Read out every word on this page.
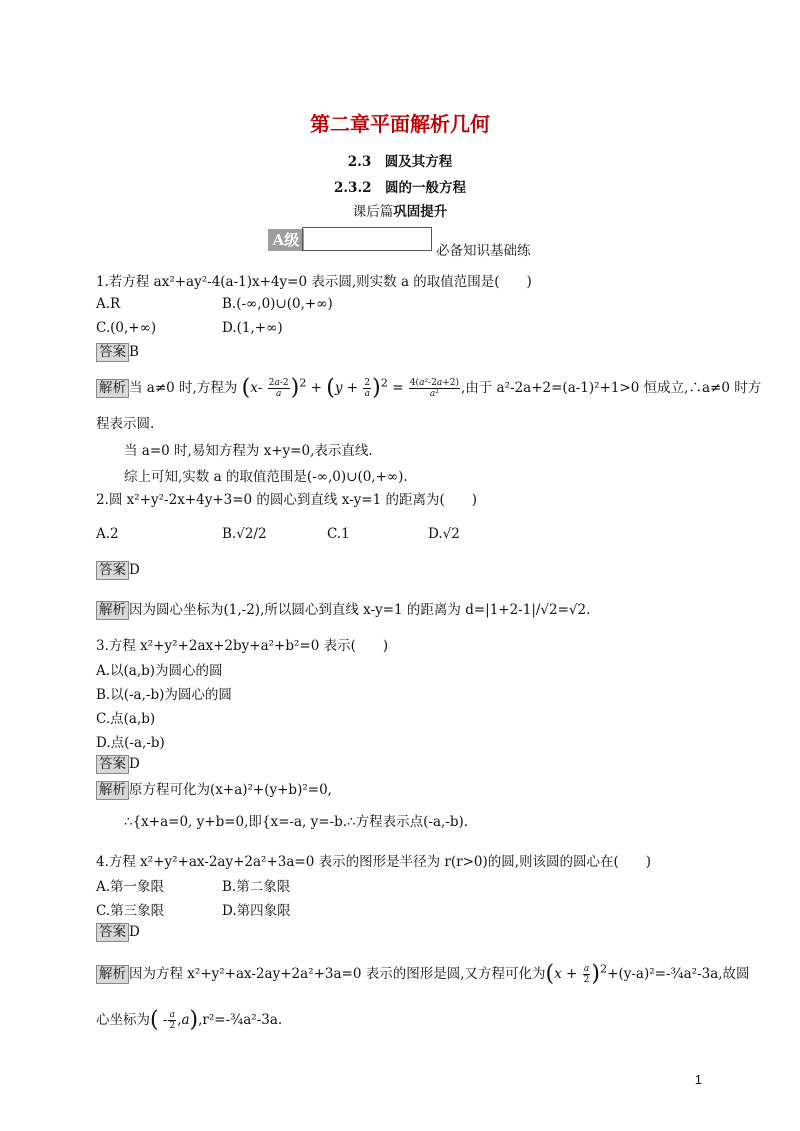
第二章平面解析几何
2.3　圆及其方程
2.3.2　圆的一般方程
课后篇巩固提升
A级
必备知识基础练
1.若方程 ax²+ay²-4(a-1)x+4y=0 表示圆,则实数 a 的取值范围是(　　)
A.R	B.(-∞,0)∪(0,+∞)
C.(0,+∞)	D.(1,+∞)
答案 B
解析 当 a≠0 时,方程为 $(x- \frac{2a-2}{a} )^2 + (y + \frac{2}{a} )^2 = \frac{\text{4(a²-2a+2)}}{\text{a²}}$ ,由于 a²-2a+2=(a-1)²+1>0 恒成立,∴a≠0 时方
程表示圆.
当 a=0 时,易知方程为 x+y=0,表示直线.
综上可知,实数 a 的取值范围是(-∞,0)∪(0,+∞).
2.圆 x²+y²-2x+4y+3=0 的圆心到直线 x-y=1 的距离为(　　)
A.2	B.√2/2	C.1	D.√2
答案 D
解析 因为圆心坐标为(1,-2),所以圆心到直线 x-y=1 的距离为 d=|1+2-1|/√2=√2.
3.方程 x²+y²+2ax+2by+a²+b²=0 表示(　　)
A.以(a,b)为圆心的圆
B.以(-a,-b)为圆心的圆
C.点(a,b)
D.点(-a,-b)
答案 D
解析 原方程可化为(x+a)²+(y+b)²=0,
∴{x+a=0, y+b=0,即{x=-a, y=-b.∴方程表示点(-a,-b).
4.方程 x²+y²+ax-2ay+2a²+3a=0 表示的图形是半径为 r(r>0)的圆,则该圆的圆心在(　　)
A.第一象限	B.第二象限
C.第三象限	D.第四象限
答案 D
解析 因为方程 x²+y²+ax-2ay+2a²+3a=0 表示的图形是圆,又方程可化为($x + \frac{a}{2}$ )$^2+(y-a)^2=-\frac{3}{4}a^2-3a$,故圆
心坐标为( - $\frac{a}{2}$ ,a),r²=-¾a²-3a.
1
